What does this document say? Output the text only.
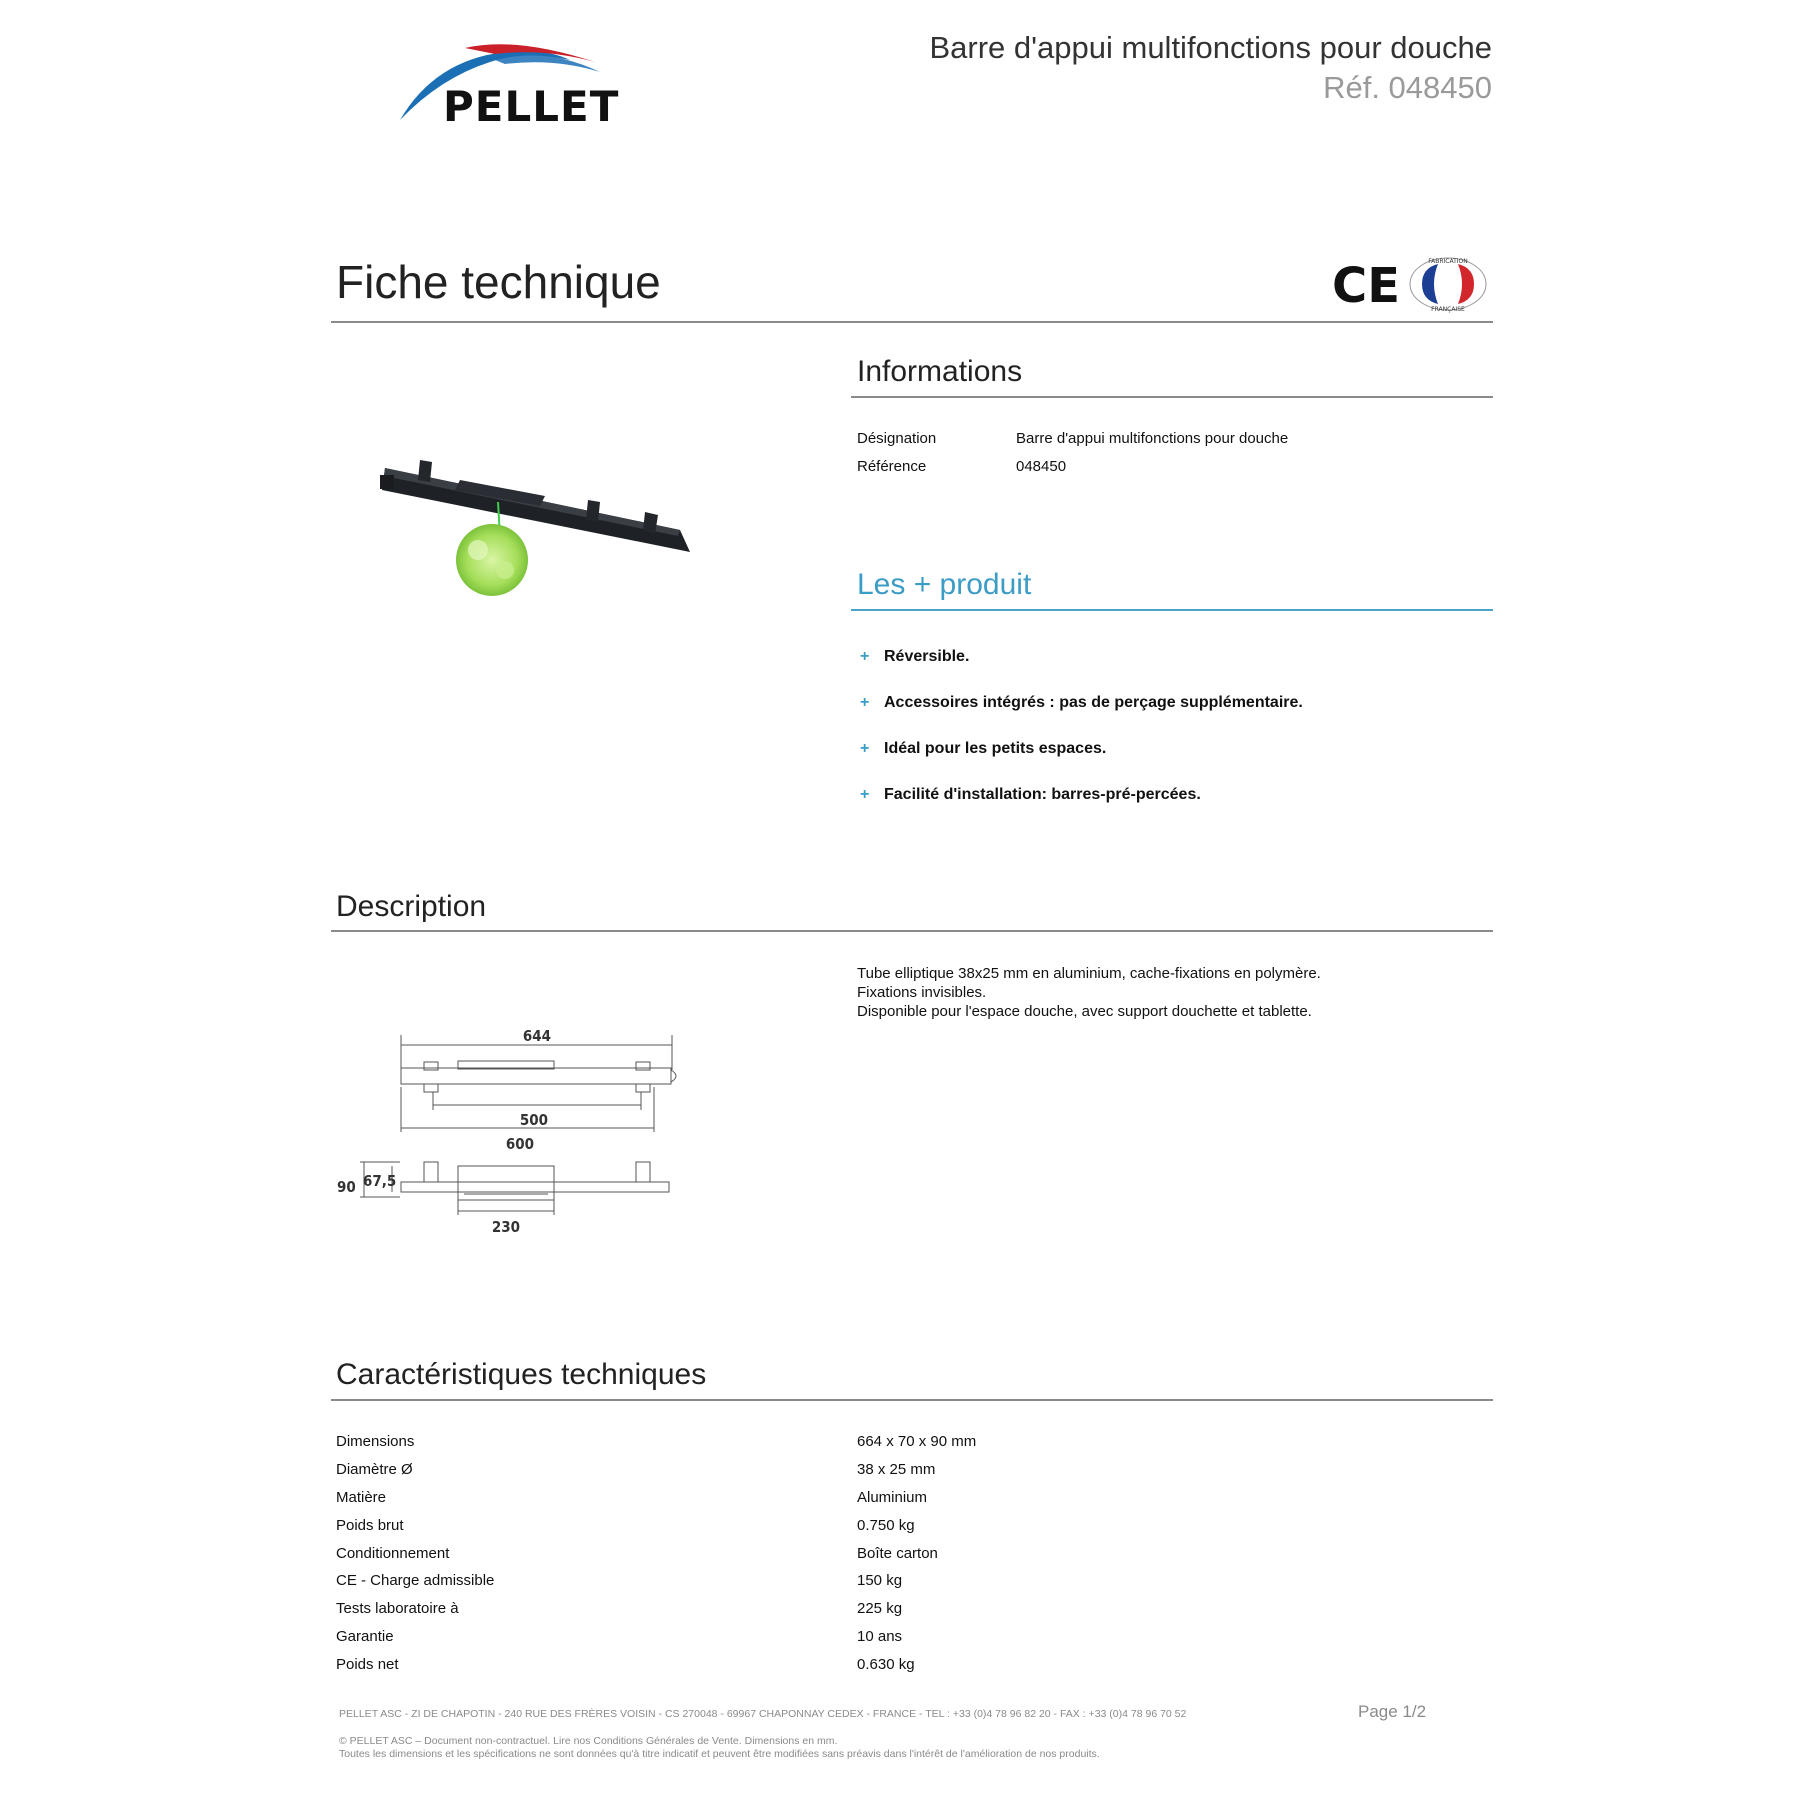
PELLET
Barre d'appui multifonctions pour douche
Réf. 048450
Fiche technique	CE	FABRICATION
FRANÇAISE
Informations
Désignation	Barre d'appui multifonctions pour douche
Référence	048450
Les + produit
+ Réversible.
+ Accessoires intégrés : pas de perçage supplémentaire.
+ Idéal pour les petits espaces.
+ Facilité d'installation: barres-pré-percées.
Description
644
500
600
90 67,5
230
Tube elliptique 38x25 mm en aluminium, cache-fixations en polymère.
Fixations invisibles.
Disponible pour l'espace douche, avec support douchette et tablette.
Caractéristiques techniques
Dimensions	664 x 70 x 90 mm
Diamètre Ø	38 x 25 mm
Matière	Aluminium
Poids brut	0.750 kg
Conditionnement	Boîte carton
CE - Charge admissible	150 kg
Tests laboratoire à	225 kg
Garantie	10 ans
Poids net	0.630 kg
PELLET ASC - ZI DE CHAPOTIN - 240 RUE DES FRÈRES VOISIN - CS 270048 - 69967 CHAPONNAY CEDEX - FRANCE - TEL : +33 (0)4 78 96 82 20 - FAX : +33 (0)4 78 96 70 52	Page 1/2
© PELLET ASC – Document non-contractuel. Lire nos Conditions Générales de Vente. Dimensions en mm.
Toutes les dimensions et les spécifications ne sont données qu'à titre indicatif et peuvent être modifiées sans préavis dans l'intérêt de l'amélioration de nos produits.
